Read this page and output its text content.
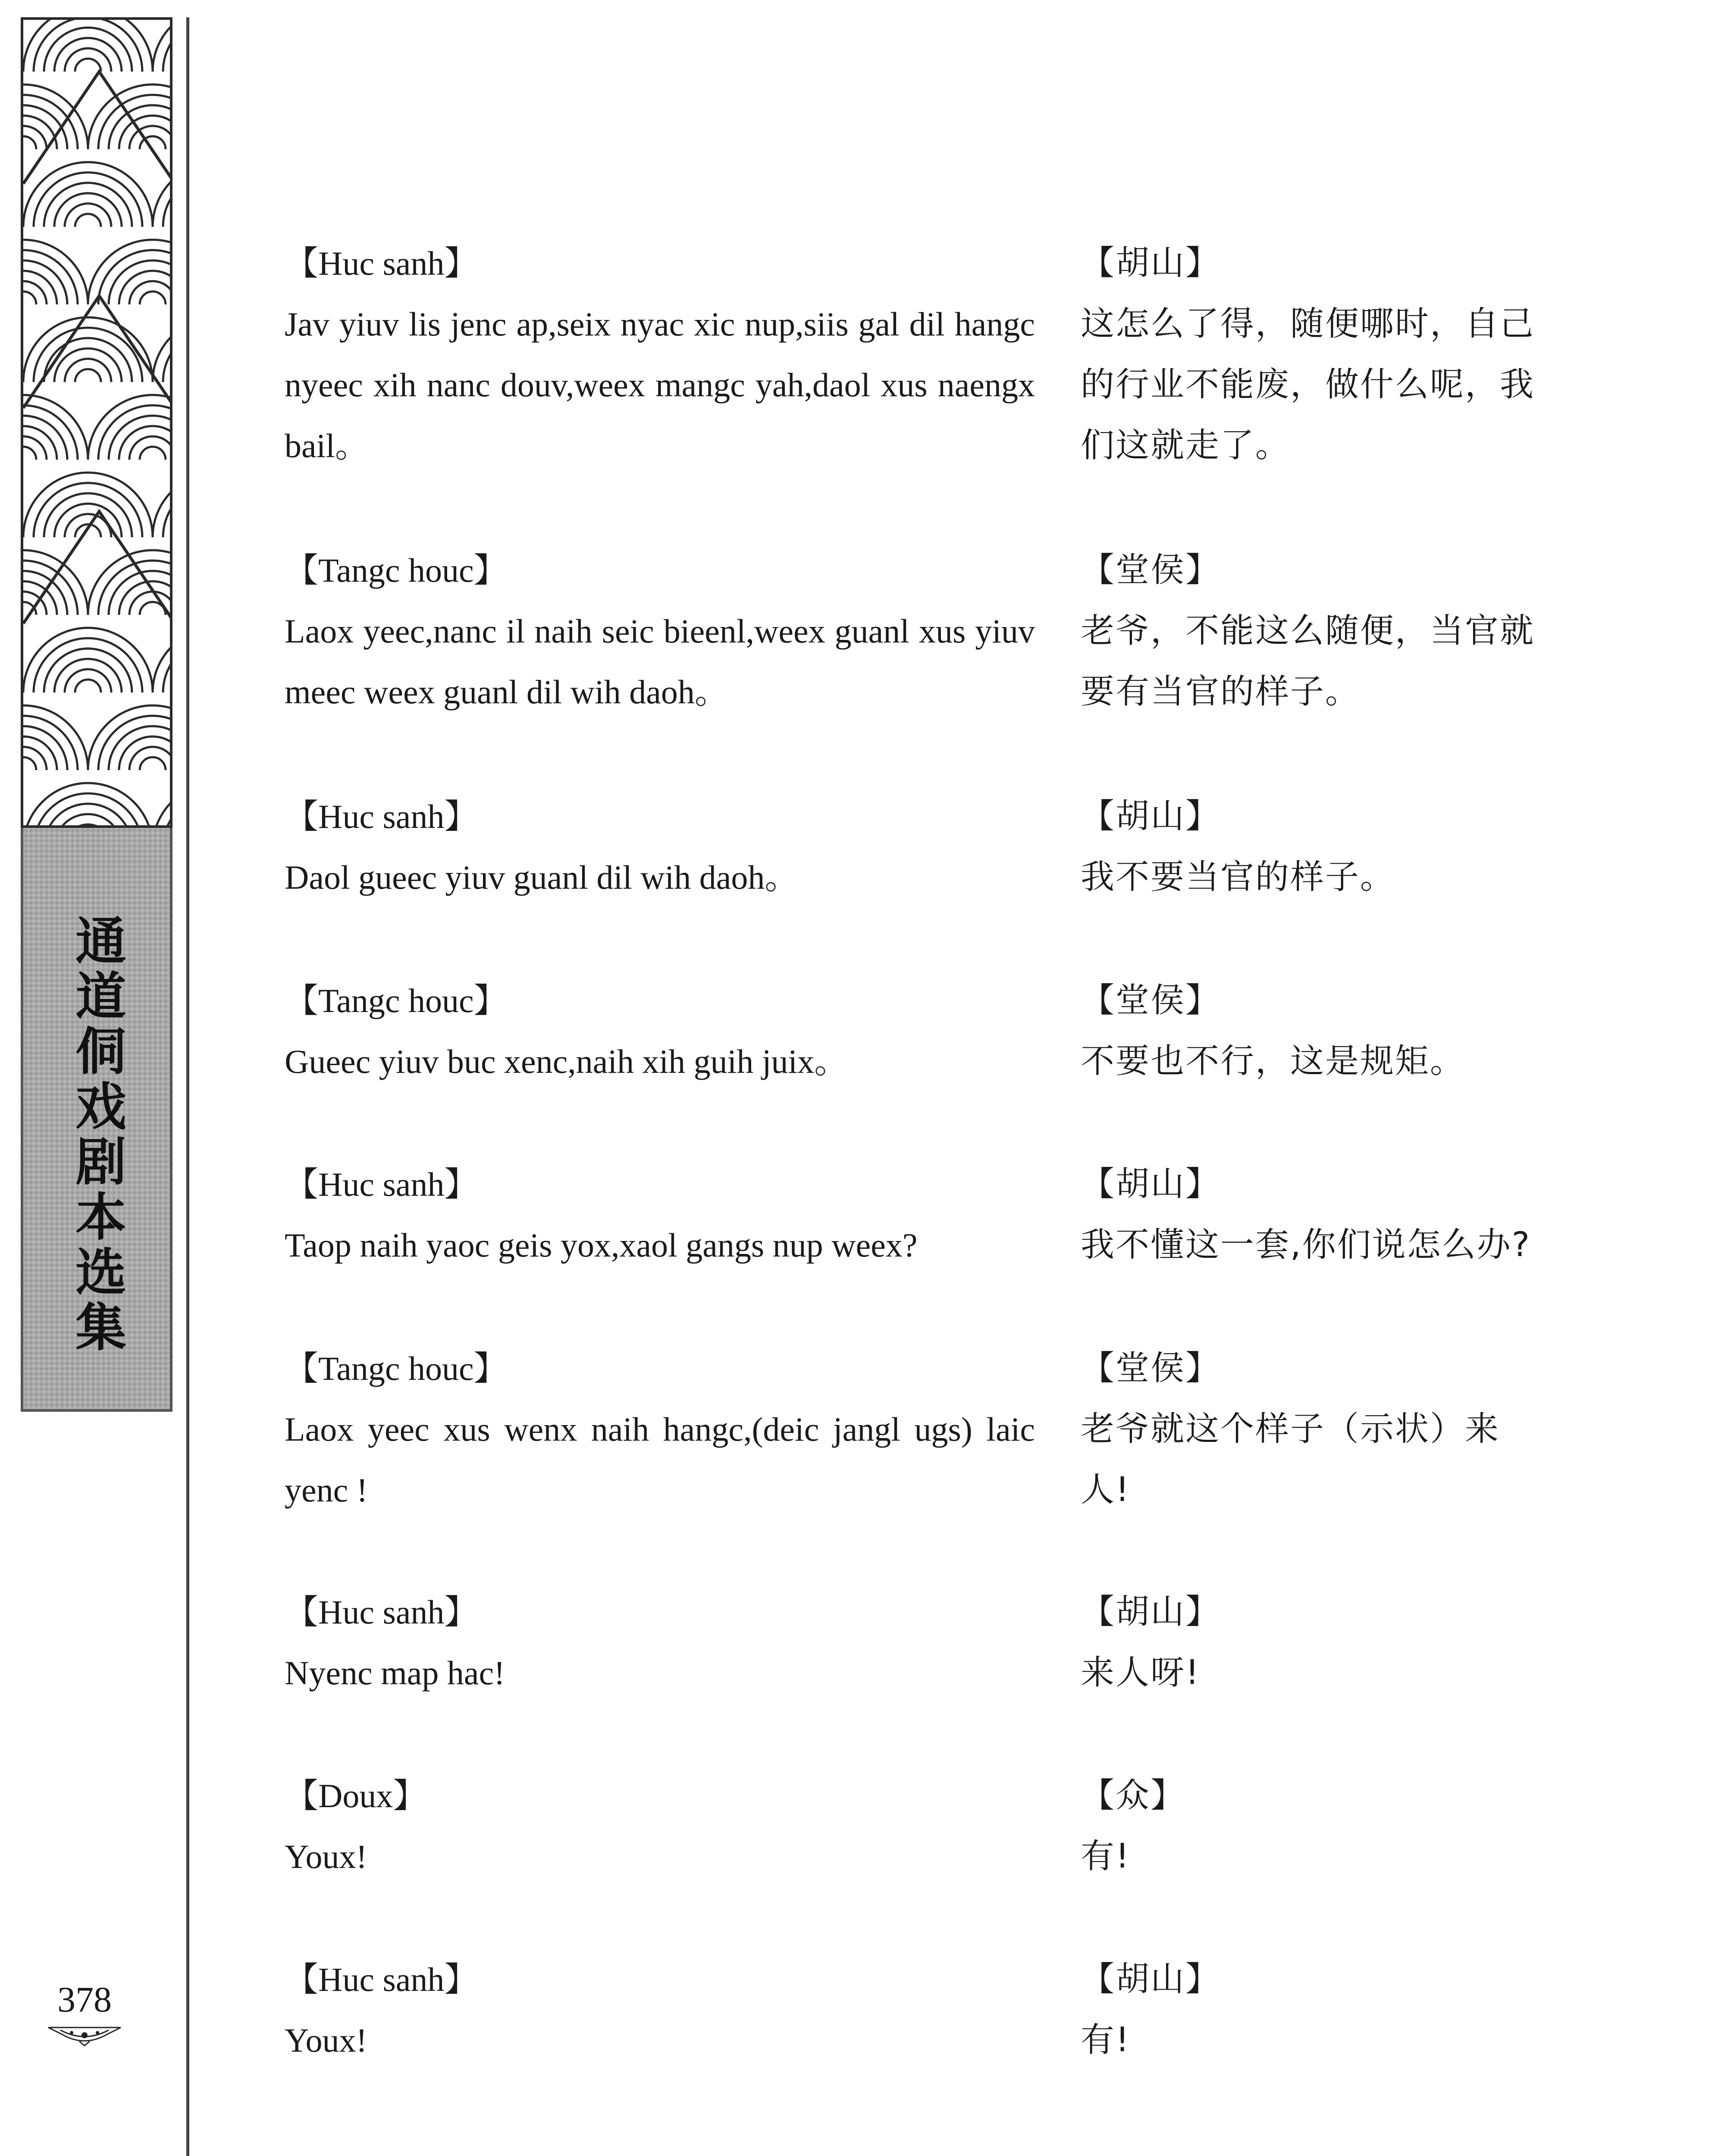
通道侗戏剧本选集
378
【Huc sanh】
Jav yiuv lis jenc ap,seix nyac xic nup,siis gal dil hangc nyeec xih nanc douv,weex mangc yah,daol xus naengx bail。
【胡山】
这怎么了得，随便哪时，自己的行业不能废，做什么呢，我们这就走了。
【Tangc houc】
Laox yeec,nanc il naih seic bieenl,weex guanl xus yiuv meec weex guanl dil wih daoh。
【堂侯】
老爷，不能这么随便，当官就要有当官的样子。
【Huc sanh】
Daol gueec yiuv guanl dil wih daoh。
【胡山】
我不要当官的样子。
【Tangc houc】
Gueec yiuv buc xenc,naih xih guih juix。
【堂侯】
不要也不行，这是规矩。
【Huc sanh】
Taop naih yaoc geis yox,xaol gangs nup weex?
【胡山】
我不懂这一套,你们说怎么办?
【Tangc houc】
Laox yeec xus wenx naih hangc,(deic jangl ugs) laic yenc !
【堂侯】
老爷就这个样子（示状）来人!
【Huc sanh】
Nyenc map hac!
【胡山】
来人呀!
【Doux】
Youx!
【众】
有!
【Huc sanh】
Youx!
【胡山】
有!
